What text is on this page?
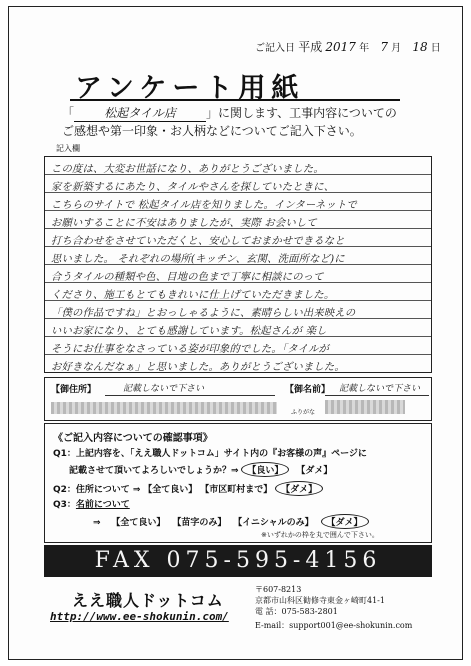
ご記入日 平成 2017 年 7 月 18 日
アンケート用紙
「	松起タイル店	」に関します、工事内容についての
ご感想や第一印象・お人柄などについてご記入下さい。
記入欄
この度は、大変お世話になり、ありがとうございました。
家を新築するにあたり、タイルやさんを探していたときに、
こちらのサイトで 松起タイル店を知りました。インターネットで
お願いすることに不安はありましたが、実際 お会いして
打ち合わせをさせていただくと、安心しておまかせできるなと
思いました。 それぞれの場所(キッチン、玄関、洗面所など)に
合うタイルの種類や色、目地の色まで丁寧に相談にのって
くださり、施工もとてもきれいに仕上げていただきました。
「僕の作品ですね」とおっしゃるように、素晴らしい出来映えの
いいお家になり、とても感謝しています。松起さんが 楽し
そうにお仕事をなさっている姿が印象的でした。「タイルが
お好きなんだなぁ」と思いました。ありがとうございました。
【御住所】	記載しないで下さい	【御名前】 記載しないで下さい
ふりがな
《ご記入内容についての確認事項》
Q1：上記内容を、「ええ職人ドットコム」サイト内の『お客様の声』ページに
記載させて頂いてよろしいでしょうか？⇒ 【良い】 【ダメ】
Q2：住所について ⇒ 【全て良い】 【市区町村まで】 【ダメ】
Q3：名前について
⇒ 【全て良い】 【苗字のみ】 【イニシャルのみ】 【ダメ】
※いずれかの枠を丸で囲んで下さい。
FAX 075-595-4156
ええ職人ドットコム
http://www.ee-shokunin.com/
〒607-8213
京都市山科区勧修寺東金ヶ崎町41-1
電 話：075-583-2801
E-mail：support001@ee-shokunin.com
